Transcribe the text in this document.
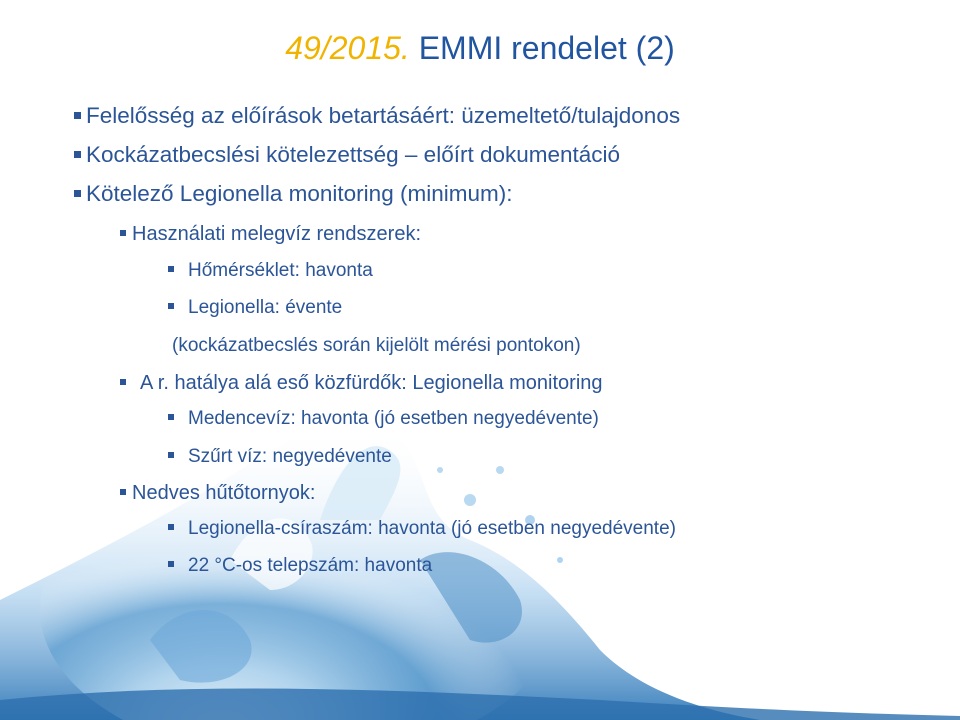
49/2015. EMMI rendelet (2)
Felelősség az előírások betartásáért: üzemeltető/tulajdonos
Kockázatbecslési kötelezettség – előírt dokumentáció
Kötelező Legionella monitoring (minimum):
Használati melegvíz rendszerek:
Hőmérséklet: havonta
Legionella: évente
(kockázatbecslés során kijelölt mérési pontokon)
A r. hatálya alá eső közfürdők: Legionella monitoring
Medencevíz: havonta (jó esetben negyedévente)
Szűrt víz: negyedévente
Nedves hűtőtornyok:
Legionella-csíraszám: havonta (jó esetben negyedévente)
22 °C-os telepszám: havonta
